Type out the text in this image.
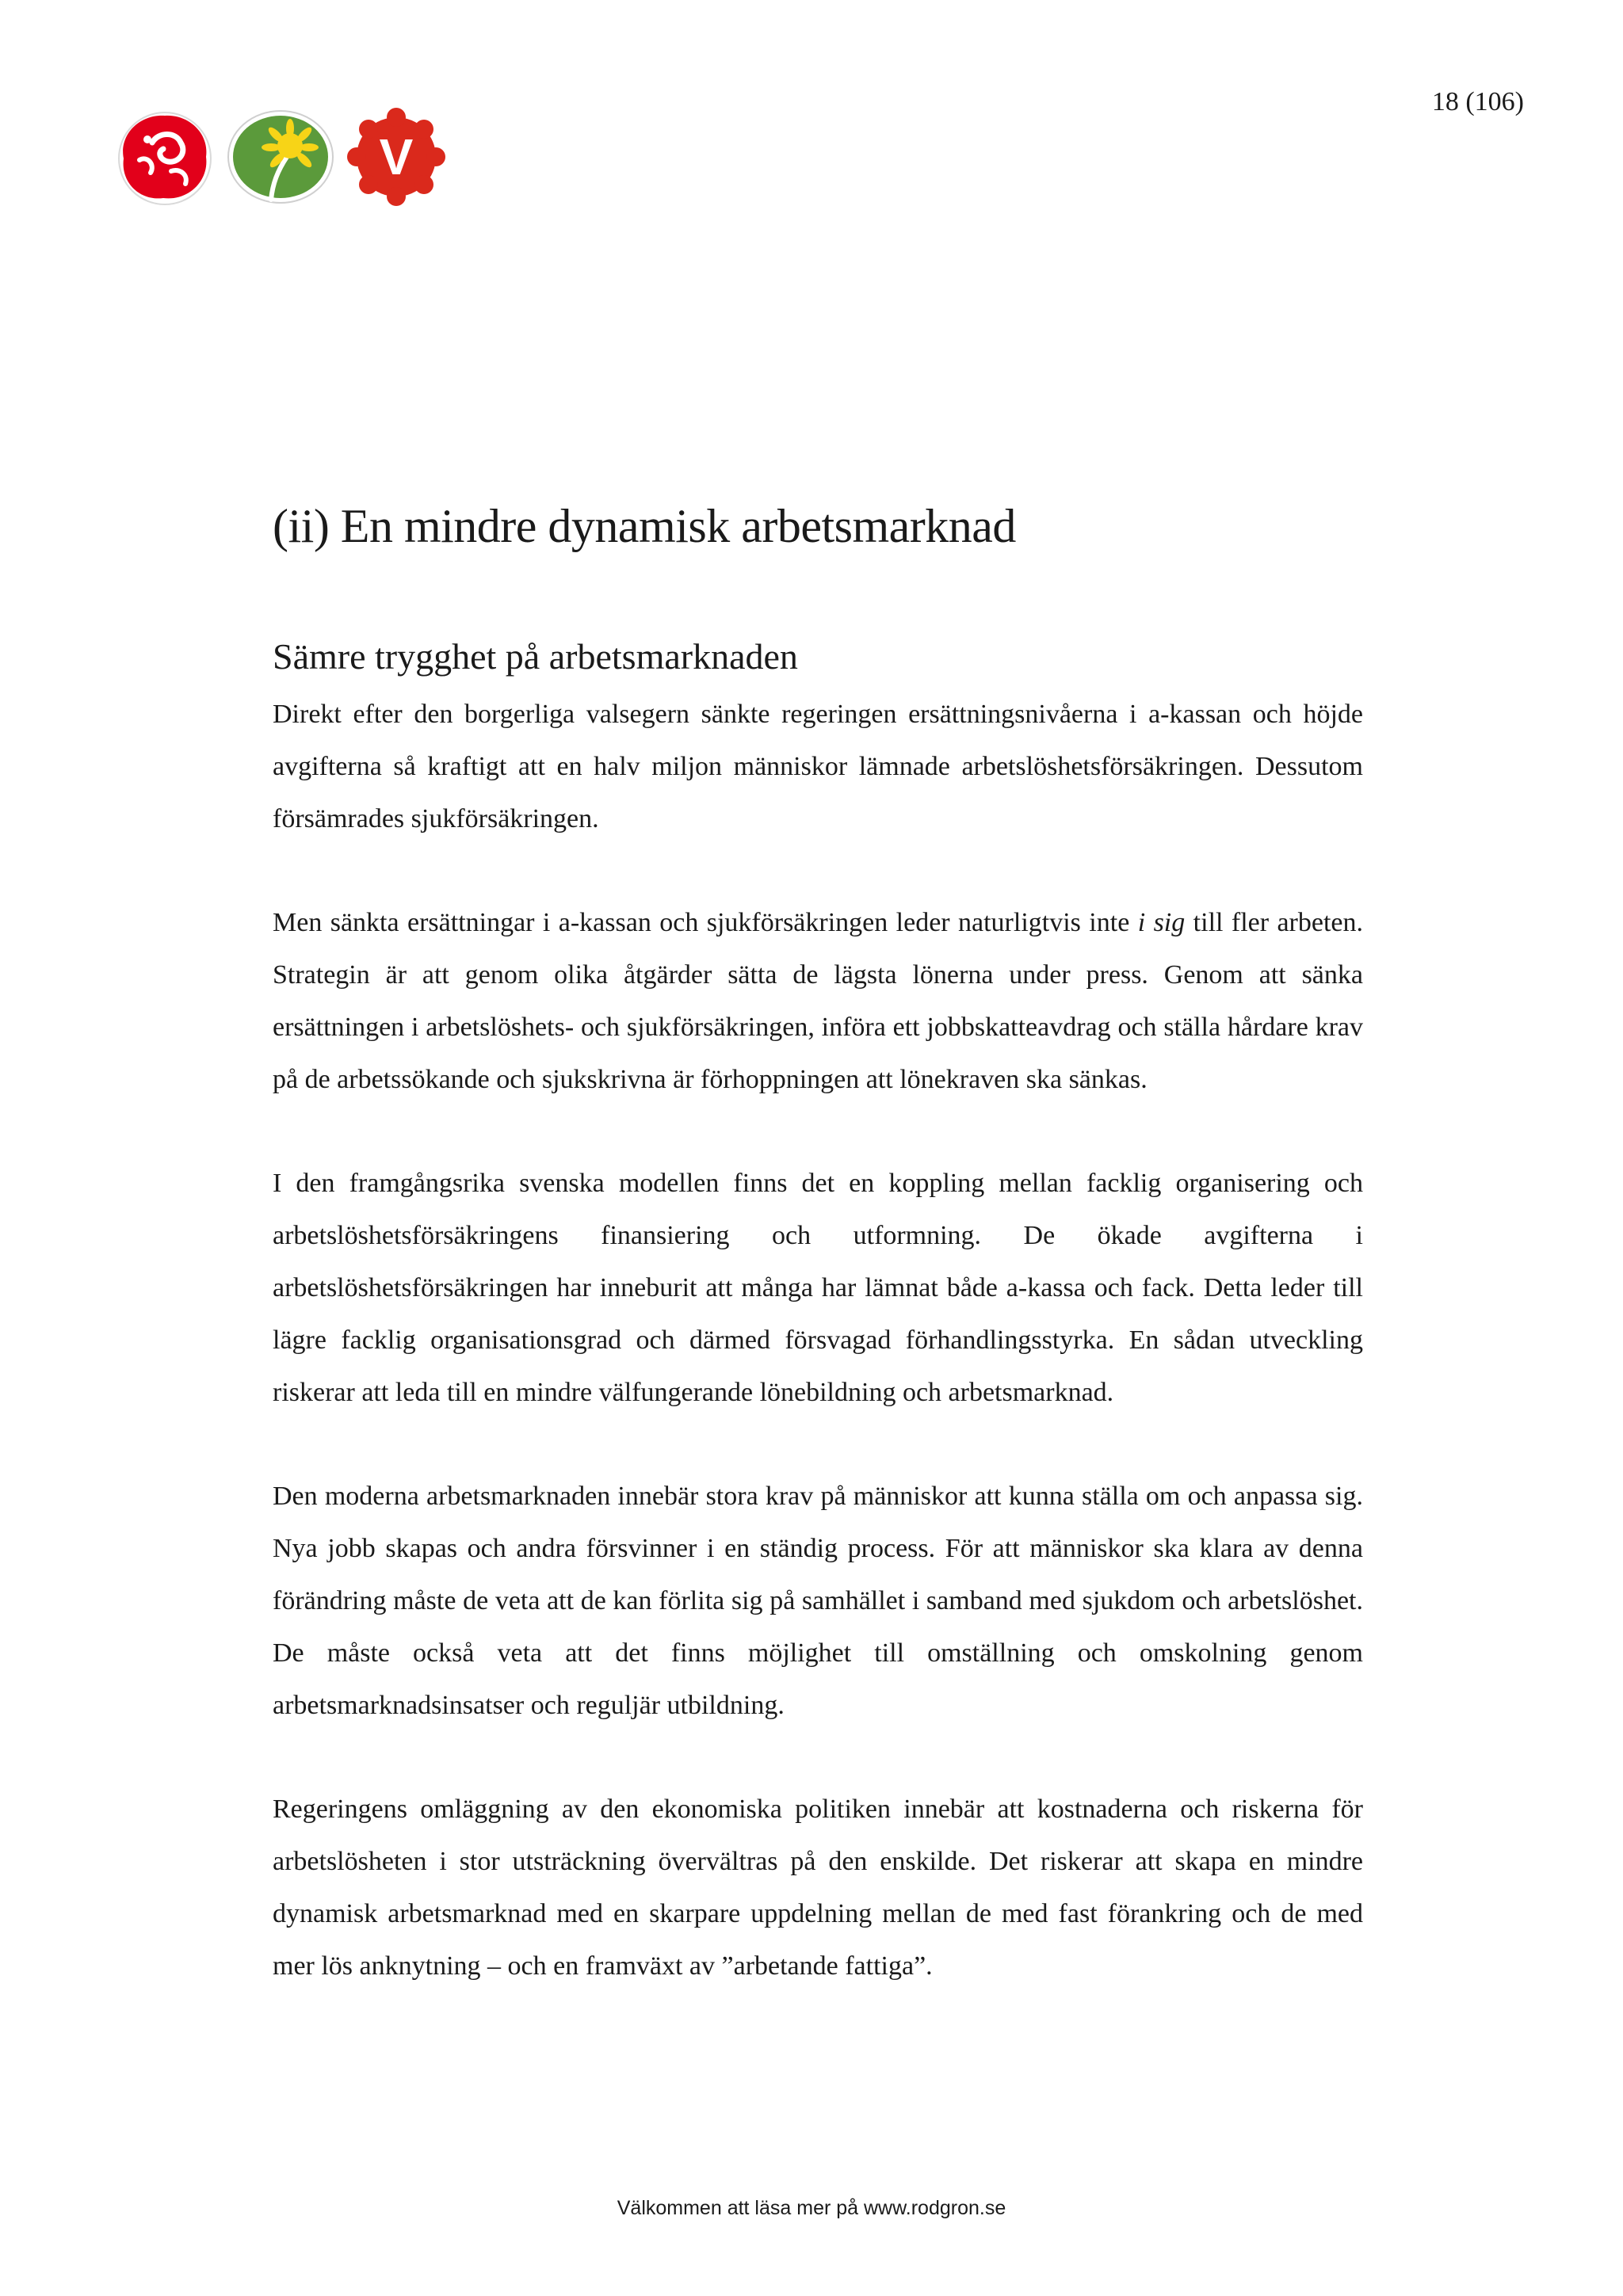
18 (106)
V
(ii) En mindre dynamisk arbetsmarknad
Sämre trygghet på arbetsmarknaden

Direkt efter den borgerliga valsegern sänkte regeringen ersättningsnivåerna i a-kassan och höjde avgifterna så kraftigt att en halv miljon människor lämnade arbetslöshetsförsäkringen. Dessutom försämrades sjukförsäkringen.

Men sänkta ersättningar i a-kassan och sjukförsäkringen leder naturligtvis inte i sig till fler arbeten. Strategin är att genom olika åtgärder sätta de lägsta lönerna under press. Genom att sänka ersättningen i arbetslöshets- och sjukförsäkringen, införa ett jobbskatteavdrag och ställa hårdare krav på de arbetssökande och sjukskrivna är förhoppningen att lönekraven ska sänkas.

I den framgångsrika svenska modellen finns det en koppling mellan facklig organisering och arbetslöshetsförsäkringens finansiering och utformning. De ökade avgifterna i arbetslöshetsförsäkringen har inneburit att många har lämnat både a-kassa och fack. Detta leder till lägre facklig organisationsgrad och därmed försvagad förhandlingsstyrka. En sådan utveckling riskerar att leda till en mindre välfungerande lönebildning och arbetsmarknad.

Den moderna arbetsmarknaden innebär stora krav på människor att kunna ställa om och anpassa sig. Nya jobb skapas och andra försvinner i en ständig process. För att människor ska klara av denna förändring måste de veta att de kan förlita sig på samhället i samband med sjukdom och arbetslöshet. De måste också veta att det finns möjlighet till omställning och omskolning genom arbetsmarknadsinsatser och reguljär utbildning.

Regeringens omläggning av den ekonomiska politiken innebär att kostnaderna och riskerna för arbetslösheten i stor utsträckning övervältras på den enskilde. Det riskerar att skapa en mindre dynamisk arbetsmarknad med en skarpare uppdelning mellan de med fast förankring och de med mer lös anknytning – och en framväxt av ”arbetande fattiga”.

Välkommen att läsa mer på www.rodgron.se
